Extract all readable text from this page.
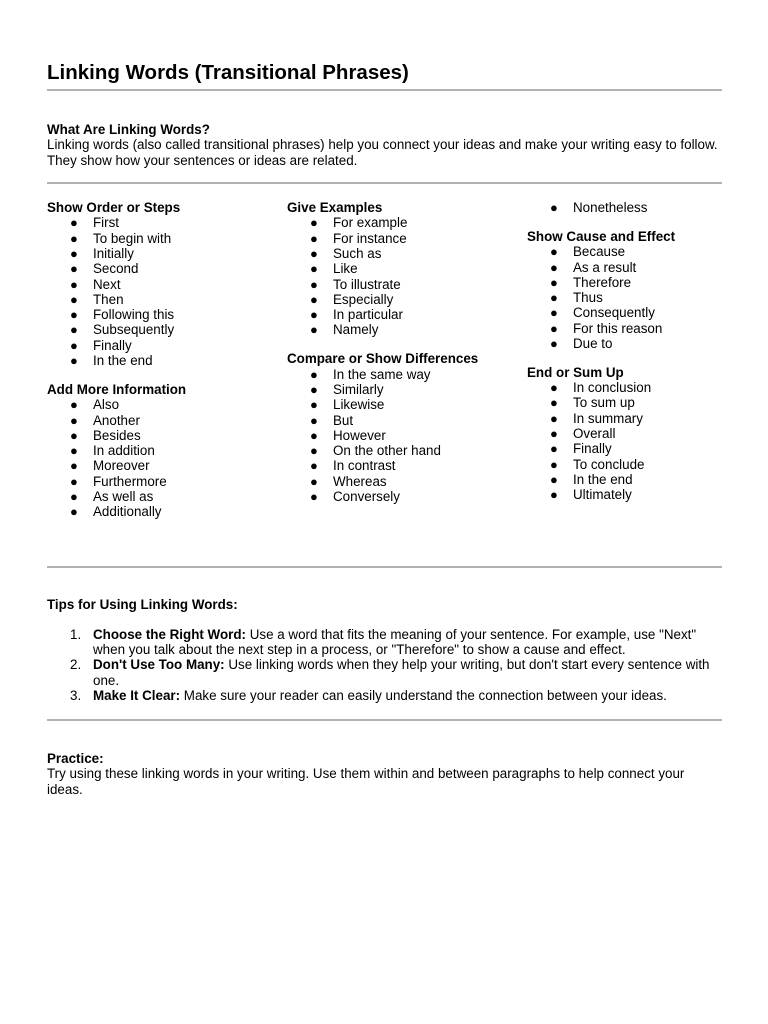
Linking Words (Transitional Phrases)
What Are Linking Words?
Linking words (also called transitional phrases) help you connect your ideas and make your writing easy to follow. They show how your sentences or ideas are related.
Show Order or Steps
● First
● To begin with
● Initially
● Second
● Next
● Then
● Following this
● Subsequently
● Finally
● In the end
Add More Information
● Also
● Another
● Besides
● In addition
● Moreover
● Furthermore
● As well as
● Additionally
Give Examples
● For example
● For instance
● Such as
● Like
● To illustrate
● Especially
● In particular
● Namely
Compare or Show Differences
● In the same way
● Similarly
● Likewise
● But
● However
● On the other hand
● In contrast
● Whereas
● Conversely
● Nonetheless
Show Cause and Effect
● Because
● As a result
● Therefore
● Thus
● Consequently
● For this reason
● Due to
End or Sum Up
● In conclusion
● To sum up
● In summary
● Overall
● Finally
● To conclude
● In the end
● Ultimately
Tips for Using Linking Words:
1. Choose the Right Word: Use a word that fits the meaning of your sentence. For example, use "Next" when you talk about the next step in a process, or "Therefore" to show a cause and effect.
2. Don't Use Too Many: Use linking words when they help your writing, but don't start every sentence with one.
3. Make It Clear: Make sure your reader can easily understand the connection between your ideas.
Practice:
Try using these linking words in your writing. Use them within and between paragraphs to help connect your ideas.
